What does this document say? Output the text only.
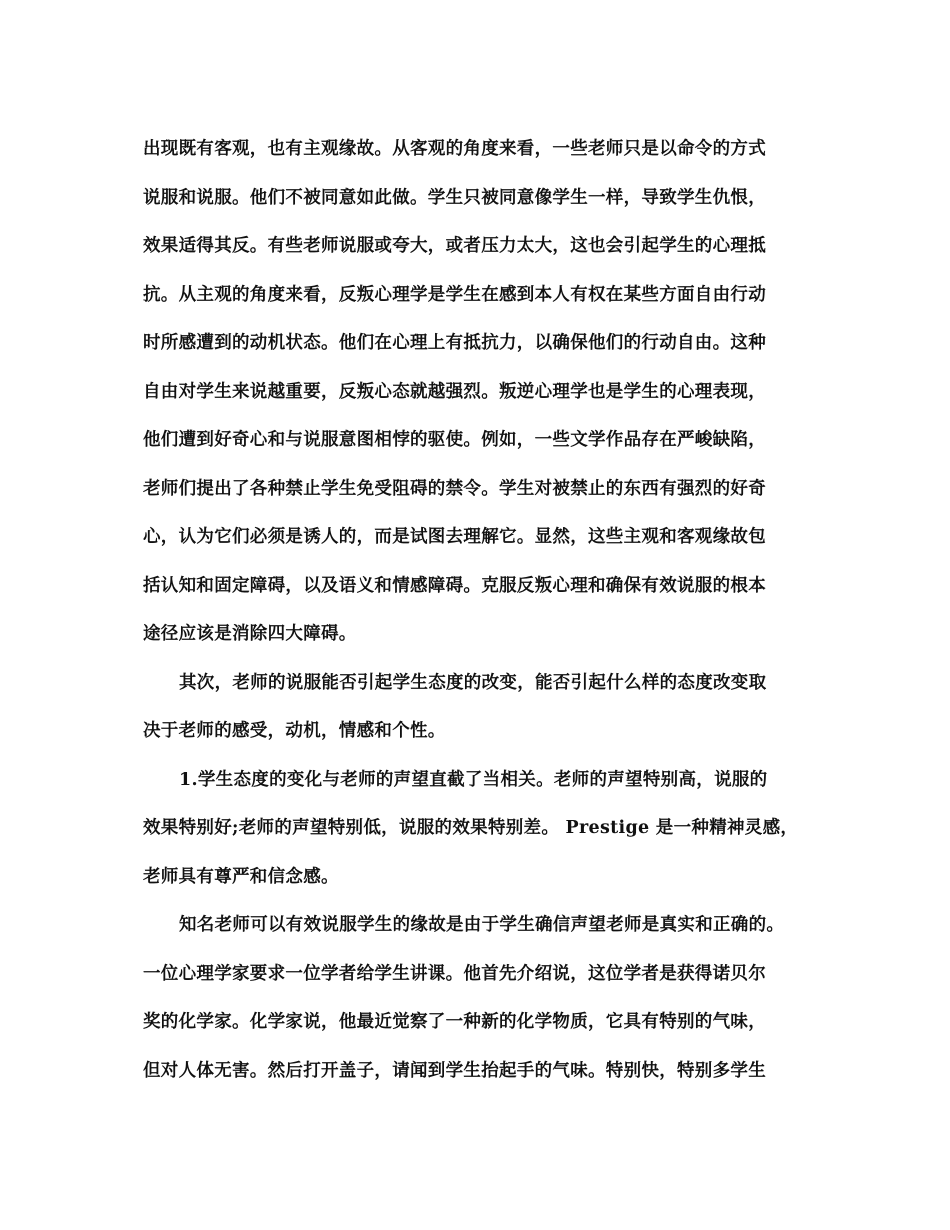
出现既有客观，也有主观缘故。从客观的角度来看，一些老师只是以命令的方式
说服和说服。他们不被同意如此做。学生只被同意像学生一样，导致学生仇恨，
效果适得其反。有些老师说服或夸大，或者压力太大，这也会引起学生的心理抵
抗。从主观的角度来看，反叛心理学是学生在感到本人有权在某些方面自由行动
时所感遭到的动机状态。他们在心理上有抵抗力，以确保他们的行动自由。这种
自由对学生来说越重要，反叛心态就越强烈。叛逆心理学也是学生的心理表现，
他们遭到好奇心和与说服意图相悖的驱使。例如，一些文学作品存在严峻缺陷，
老师们提出了各种禁止学生免受阻碍的禁令。学生对被禁止的东西有强烈的好奇
心，认为它们必须是诱人的，而是试图去理解它。显然，这些主观和客观缘故包
括认知和固定障碍，以及语义和情感障碍。克服反叛心理和确保有效说服的根本
途径应该是消除四大障碍。
其次，老师的说服能否引起学生态度的改变，能否引起什么样的态度改变取
决于老师的感受，动机，情感和个性。
1.学生态度的变化与老师的声望直截了当相关。老师的声望特别高，说服的
效果特别好;老师的声望特别低，说服的效果特别差。 Prestige 是一种精神灵感，
老师具有尊严和信念感。
知名老师可以有效说服学生的缘故是由于学生确信声望老师是真实和正确的。
一位心理学家要求一位学者给学生讲课。他首先介绍说，这位学者是获得诺贝尔
奖的化学家。化学家说，他最近觉察了一种新的化学物质，它具有特别的气味，
但对人体无害。然后打开盖子，请闻到学生抬起手的气味。特别快，特别多学生
